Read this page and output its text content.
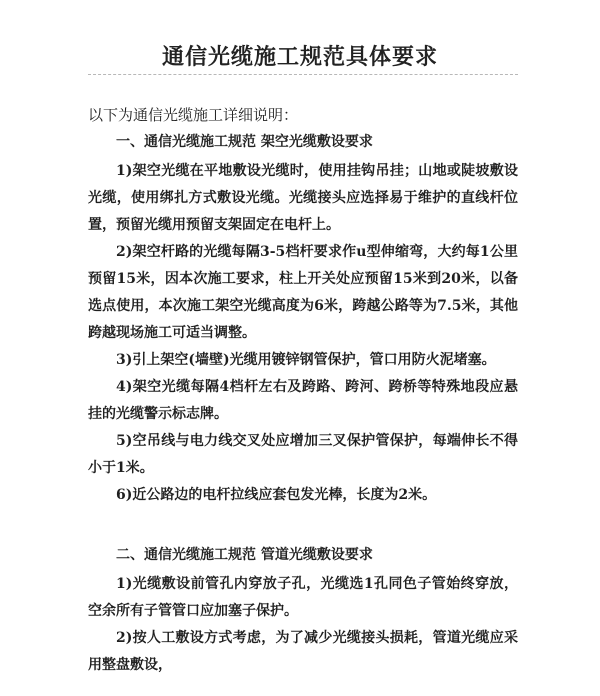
通信光缆施工规范具体要求
以下为通信光缆施工详细说明：
一、通信光缆施工规范 架空光缆敷设要求

1)架空光缆在平地敷设光缆时，使用挂钩吊挂；山地或陡坡敷设光缆，使用绑扎方式敷设光缆。光缆接头应选择易于维护的直线杆位置，预留光缆用预留支架固定在电杆上。

2)架空杆路的光缆每隔3-5档杆要求作u型伸缩弯，大约每1公里预留15米，因本次施工要求，柱上开关处应预留15米到20米，以备选点使用，本次施工架空光缆高度为6米，跨越公路等为7.5米，其他跨越现场施工可适当调整。

3)引上架空(墙壁)光缆用镀锌钢管保护，管口用防火泥堵塞。

4)架空光缆每隔4档杆左右及跨路、跨河、跨桥等特殊地段应悬挂的光缆警示标志牌。

5)空吊线与电力线交叉处应增加三叉保护管保护，每端伸长不得小于1米。

6)近公路边的电杆拉线应套包发光棒，长度为2米。

二、通信光缆施工规范 管道光缆敷设要求

1)光缆敷设前管孔内穿放子孔，光缆选1孔同色子管始终穿放，空余所有子管管口应加塞子保护。

2)按人工敷设方式考虑，为了减少光缆接头损耗，管道光缆应采用整盘敷设，
